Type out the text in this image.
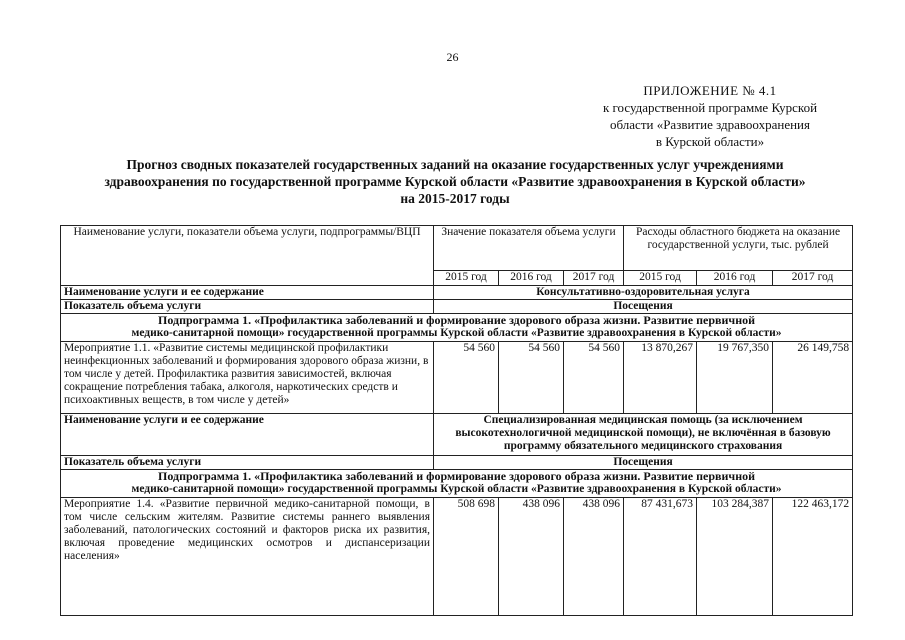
26
ПРИЛОЖЕНИЕ № 4.1
к государственной программе Курской
области «Развитие здравоохранения
в Курской области»
Прогноз сводных показателей государственных заданий на оказание государственных услуг учреждениями
здравоохранения по государственной программе Курской области «Развитие здравоохранения в Курской области»
на 2015-2017 годы
Наименование услуги, показатели объема услуги, подпрограммы/ВЦП	Значение показателя объема услуги			Расходы областного бюджета на оказание государственной услуги, тыс. рублей		
	2015 год	2016 год	2017 год	2015 год	2016 год	2017 год
Наименование услуги и ее содержание	Консультативно-оздоровительная услуга					
Показатель объема услуги	Посещения					

Подпрограмма 1. «Профилактика заболеваний и формирование здорового образа жизни. Развитие первичной
медико-санитарной помощи» государственной программы Курской области «Развитие здравоохранения в Курской области»						

Мероприятие 1.1. «Развитие системы медицинской профилактики неинфекционных заболеваний и формирования здорового образа жизни, в том числе у детей. Профилактика развития зависимостей, включая сокращение потребления табака, алкоголя, наркотических средств и психоактивных веществ, в том числе у детей»	54 560	54 560	54 560	13 870,267	19 767,350	26 149,758
Наименование услуги и ее содержание	Специализированная медицинская помощь (за исключением высокотехнологичной медицинской помощи), не включённая в базовую программу обязательного медицинского страхования					
Показатель объема услуги	Посещения					

Подпрограмма 1. «Профилактика заболеваний и формирование здорового образа жизни. Развитие первичной
медико-санитарной помощи» государственной программы Курской области «Развитие здравоохранения в Курской области»						

Мероприятие 1.4. «Развитие первичной медико-санитарной помощи, в том числе сельским жителям. Развитие системы раннего выявления заболеваний, патологических состояний и факторов риска их развития, включая проведение медицинских осмотров и диспансеризации населения»	508 698	438 096	438 096	87 431,673	103 284,387	122 463,172
